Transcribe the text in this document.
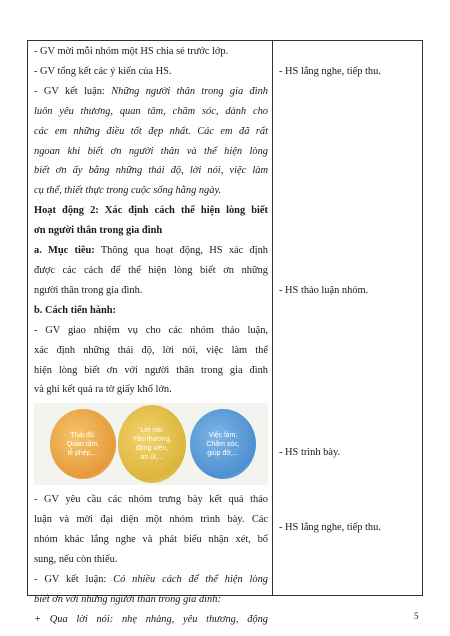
- GV mời mỗi nhóm một HS chia sẻ trước lớp.
- GV tổng kết các ý kiến của HS.
- GV kết luận: Những người thân trong gia đình
luôn yêu thương, quan tâm, chăm sóc, dành cho
các em những điều tốt đẹp nhất. Các em đã rất
ngoan khi biết ơn người thân và thể hiện lòng
biết ơn ấy bằng những thái độ, lời nói, việc làm
cụ thể, thiết thực trong cuộc sống hằng ngày.
Hoạt động 2: Xác định cách thể hiện lòng biết
ơn người thân trong gia đình
a. Mục tiêu: Thông qua hoạt động, HS xác định
được các cách để thể hiện lòng biết ơn những
người thân trong gia đình.
b. Cách tiến hành:
- GV giao nhiệm vụ cho các nhóm thảo luận,
xác định những thái độ, lời nói, việc làm thể
hiện lòng biết ơn với người thân trong gia đình
và ghi kết quả ra tờ giấy khổ lớn.
Thái độ:
Quan tâm,
lễ phép,...
Lời nói:
Yêu thương,
động viên,
an ủi,...
Việc làm:
Chăm sóc,
giúp đỡ,...
- GV yêu cầu các nhóm trưng bày kết quả thảo
luận và mời đại diện một nhóm trình bày. Các
nhóm khác lắng nghe và phát biểu nhận xét, bổ
sung, nếu còn thiếu.
- GV kết luận: Có nhiều cách để thể hiện lòng
biết ơn với những người thân trong gia đình:
+ Qua lời nói: nhẹ nhàng, yêu thương, động
- HS lắng nghe, tiếp thu.
- HS thảo luận nhóm.
- HS trình bày.
- HS lắng nghe, tiếp thu.
5
